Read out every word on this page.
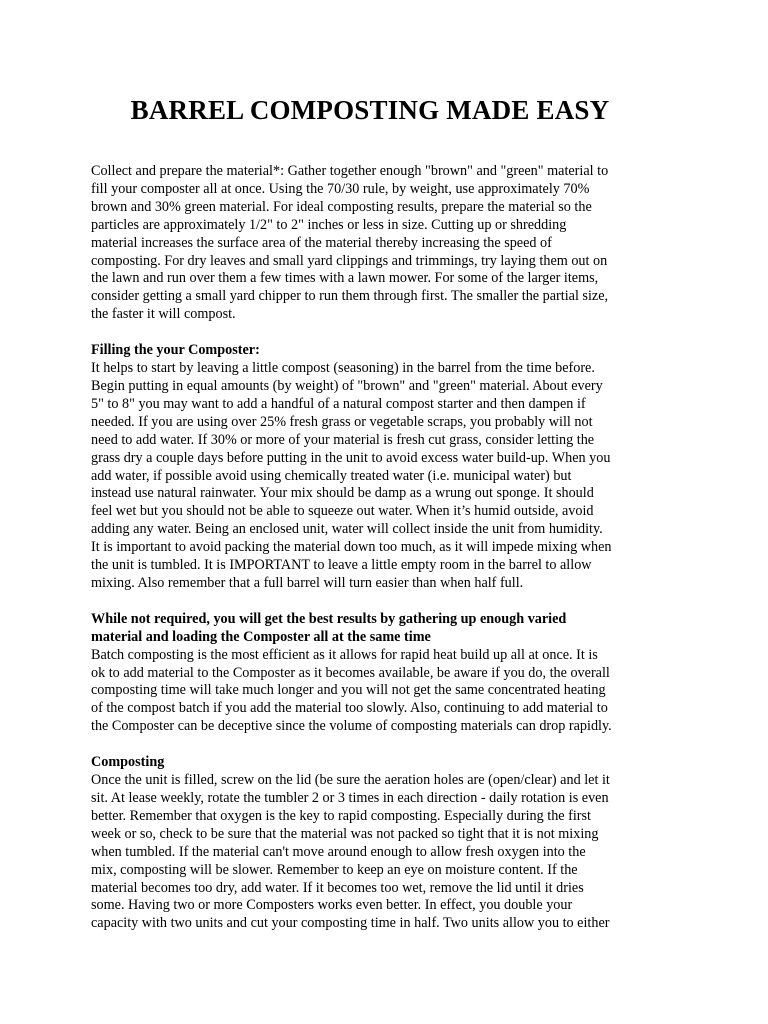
BARREL COMPOSTING MADE EASY
Collect and prepare the material*: Gather together enough "brown" and "green" material to
fill your composter all at once. Using the 70/30 rule, by weight, use approximately 70%
brown and 30% green material. For ideal composting results, prepare the material so the
particles are approximately 1/2" to 2" inches or less in size. Cutting up or shredding
material increases the surface area of the material thereby increasing the speed of
composting. For dry leaves and small yard clippings and trimmings, try laying them out on
the lawn and run over them a few times with a lawn mower. For some of the larger items,
consider getting a small yard chipper to run them through first. The smaller the partial size,
the faster it will compost.
Filling the your Composter:
It helps to start by leaving a little compost (seasoning) in the barrel from the time before.
Begin putting in equal amounts (by weight) of "brown" and "green" material. About every
5" to 8" you may want to add a handful of a natural compost starter and then dampen if
needed. If you are using over 25% fresh grass or vegetable scraps, you probably will not
need to add water. If 30% or more of your material is fresh cut grass, consider letting the
grass dry a couple days before putting in the unit to avoid excess water build-up. When you
add water, if possible avoid using chemically treated water (i.e. municipal water) but
instead use natural rainwater. Your mix should be damp as a wrung out sponge. It should
feel wet but you should not be able to squeeze out water. When it’s humid outside, avoid
adding any water. Being an enclosed unit, water will collect inside the unit from humidity.
It is important to avoid packing the material down too much, as it will impede mixing when
the unit is tumbled. It is IMPORTANT to leave a little empty room in the barrel to allow
mixing. Also remember that a full barrel will turn easier than when half full.
While not required, you will get the best results by gathering up enough varied
material and loading the Composter all at the same time
Batch composting is the most efficient as it allows for rapid heat build up all at once. It is
ok to add material to the Composter as it becomes available, be aware if you do, the overall
composting time will take much longer and you will not get the same concentrated heating
of the compost batch if you add the material too slowly. Also, continuing to add material to
the Composter can be deceptive since the volume of composting materials can drop rapidly.
Composting
Once the unit is filled, screw on the lid (be sure the aeration holes are (open/clear) and let it
sit. At lease weekly, rotate the tumbler 2 or 3 times in each direction - daily rotation is even
better. Remember that oxygen is the key to rapid composting. Especially during the first
week or so, check to be sure that the material was not packed so tight that it is not mixing
when tumbled. If the material can't move around enough to allow fresh oxygen into the
mix, composting will be slower. Remember to keep an eye on moisture content. If the
material becomes too dry, add water. If it becomes too wet, remove the lid until it dries
some. Having two or more Composters works even better. In effect, you double your
capacity with two units and cut your composting time in half. Two units allow you to either
